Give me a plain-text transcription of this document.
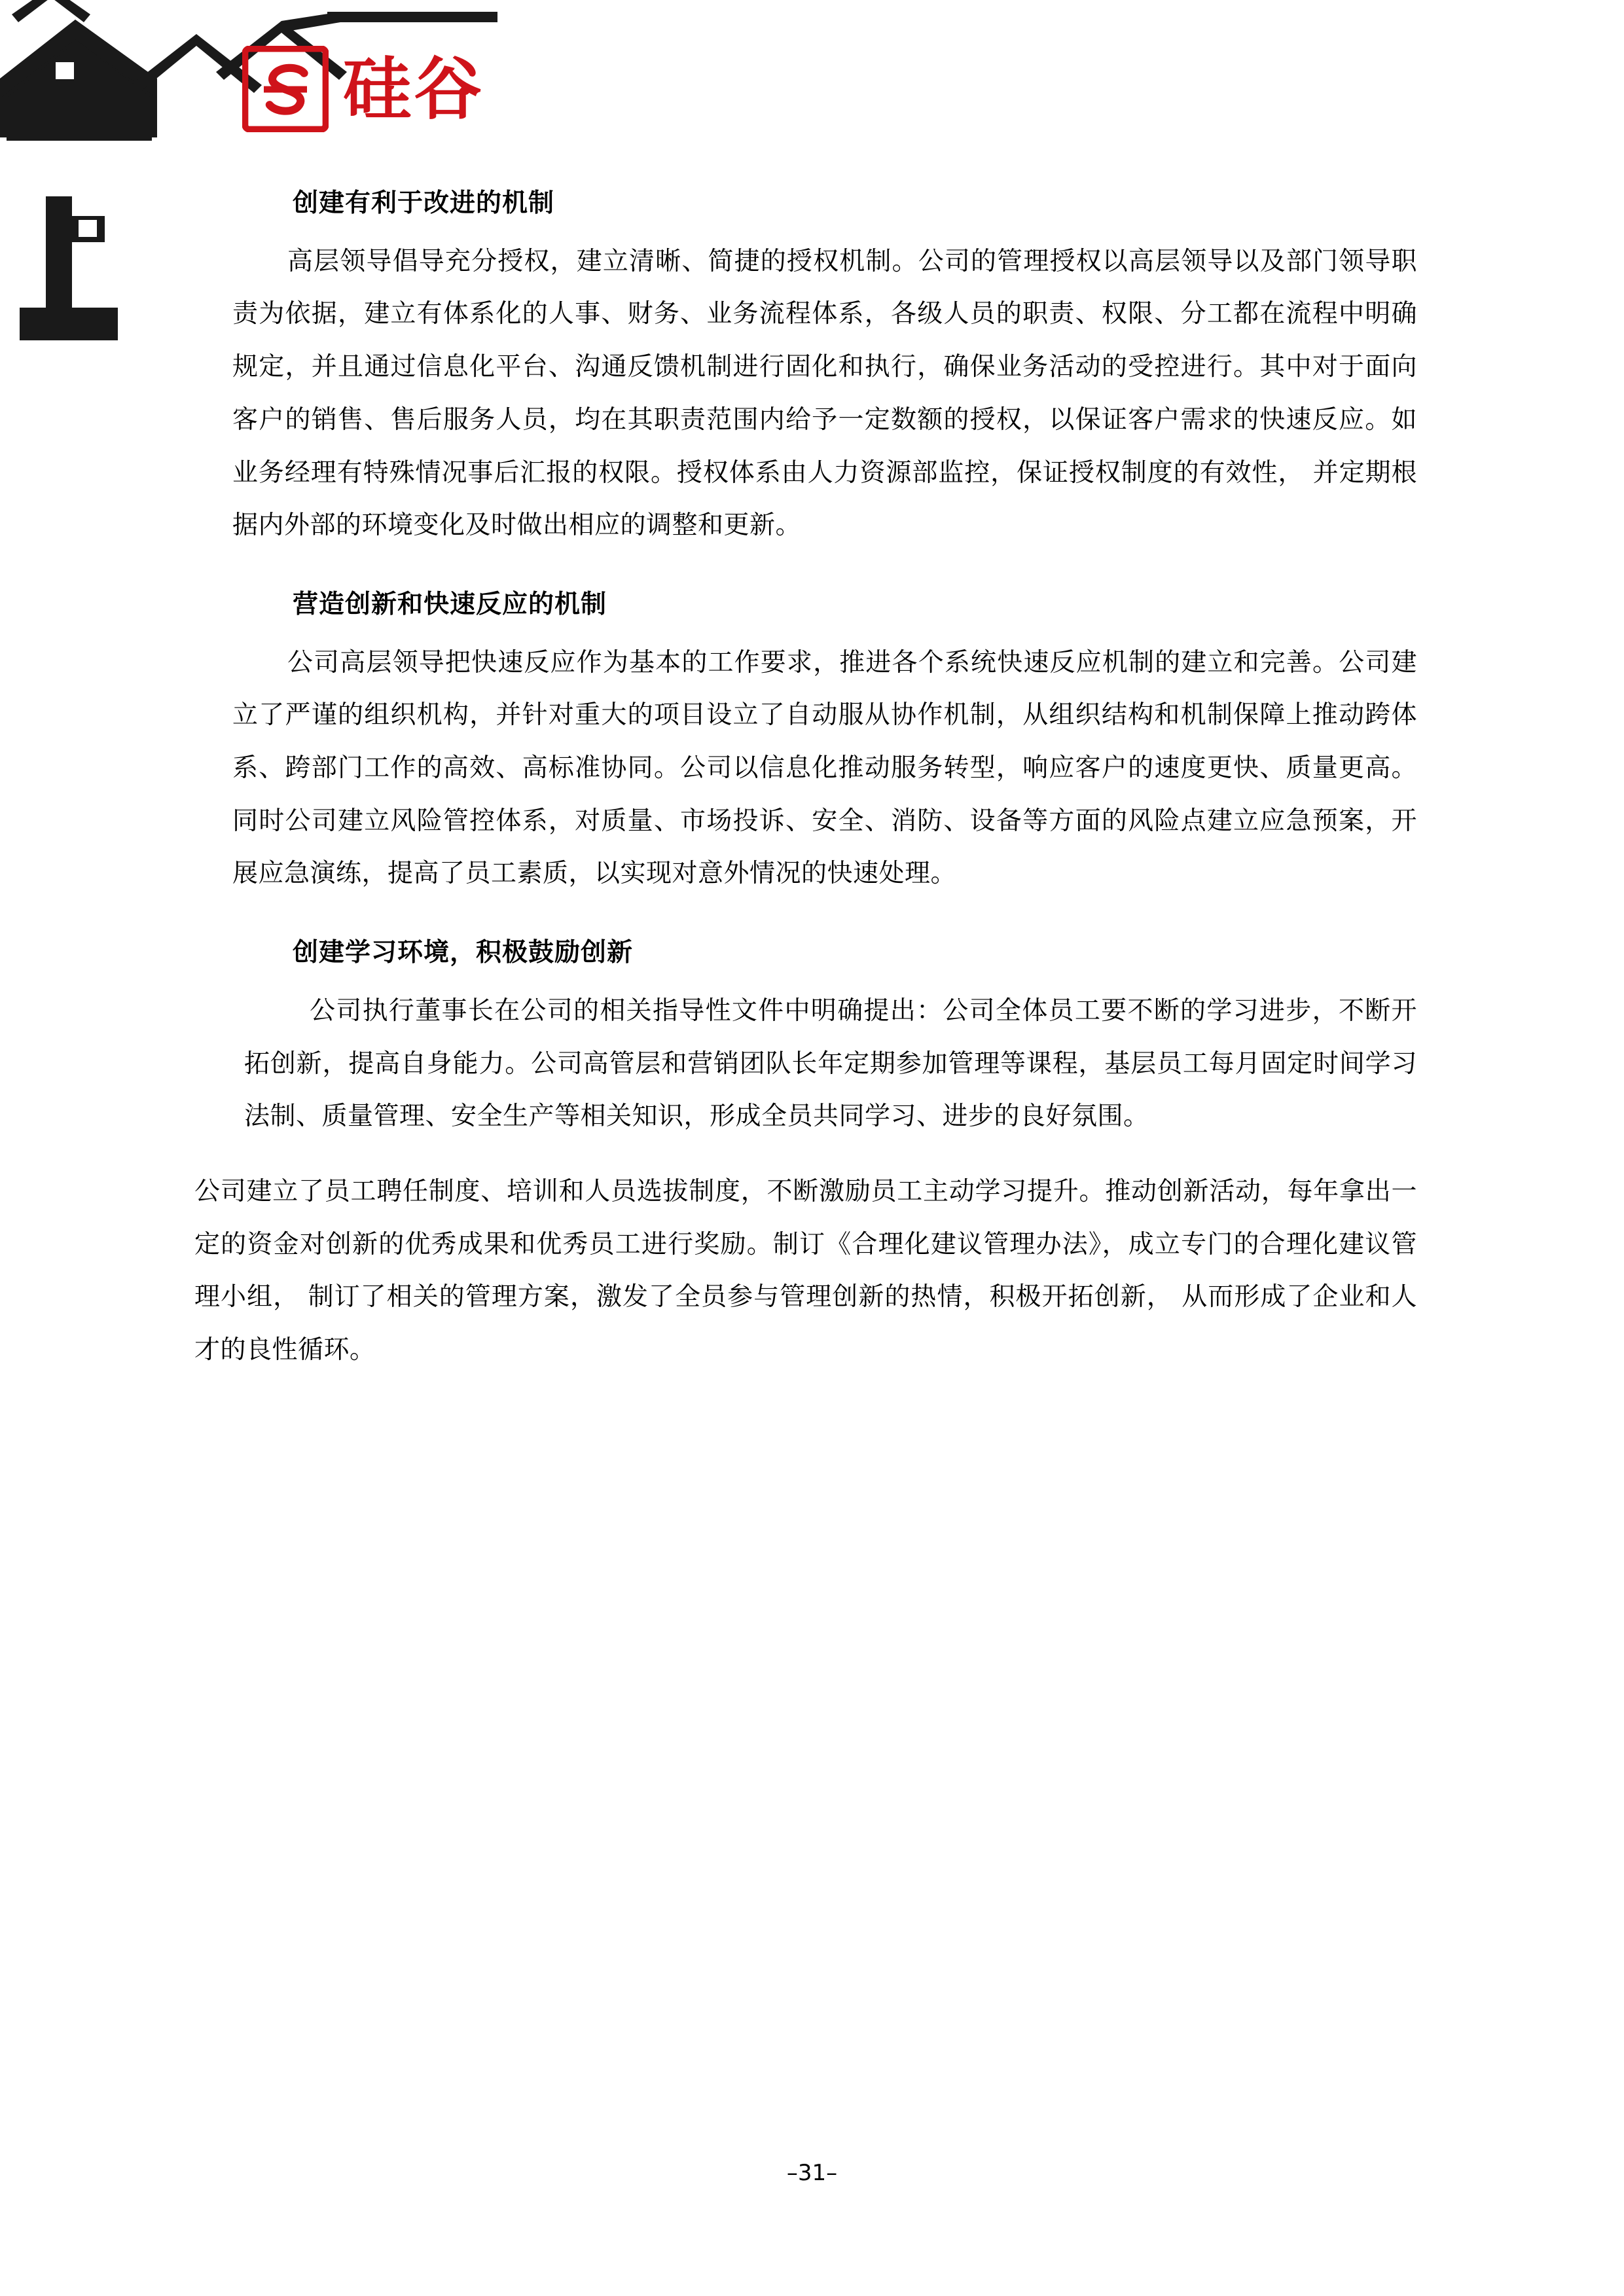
硅谷
创建有利于改进的机制

高层领导倡导充分授权，建立清晰、简捷的授权机制。公司的管理授权以高层领导以及部门领导职责为依据，建立有体系化的人事、财务、业务流程体系，各级人员的职责、权限、分工都在流程中明确规定，并且通过信息化平台、沟通反馈机制进行固化和执行，确保业务活动的受控进行。其中对于面向客户的销售、售后服务人员，均在其职责范围内给予一定数额的授权，以保证客户需求的快速反应。如业务经理有特殊情况事后汇报的权限。授权体系由人力资源部监控，保证授权制度的有效性， 并定期根据内外部的环境变化及时做出相应的调整和更新。

营造创新和快速反应的机制

公司高层领导把快速反应作为基本的工作要求，推进各个系统快速反应机制的建立和完善。公司建立了严谨的组织机构，并针对重大的项目设立了自动服从协作机制，从组织结构和机制保障上推动跨体系、跨部门工作的高效、高标准协同。公司以信息化推动服务转型，响应客户的速度更快、质量更高。同时公司建立风险管控体系，对质量、市场投诉、安全、消防、设备等方面的风险点建立应急预案，开展应急演练，提高了员工素质，以实现对意外情况的快速处理。

创建学习环境，积极鼓励创新

公司执行董事长在公司的相关指导性文件中明确提出：公司全体员工要不断的学习进步，不断开拓创新，提高自身能力。公司高管层和营销团队长年定期参加管理等课程，基层员工每月固定时间学习法制、质量管理、安全生产等相关知识，形成全员共同学习、进步的良好氛围。

公司建立了员工聘任制度、培训和人员选拔制度，不断激励员工主动学习提升。推动创新活动，每年拿出一定的资金对创新的优秀成果和优秀员工进行奖励。制订《合理化建议管理办法》，成立专门的合理化建议管理小组， 制订了相关的管理方案，激发了全员参与管理创新的热情，积极开拓创新， 从而形成了企业和人才的良性循环。

–31–
